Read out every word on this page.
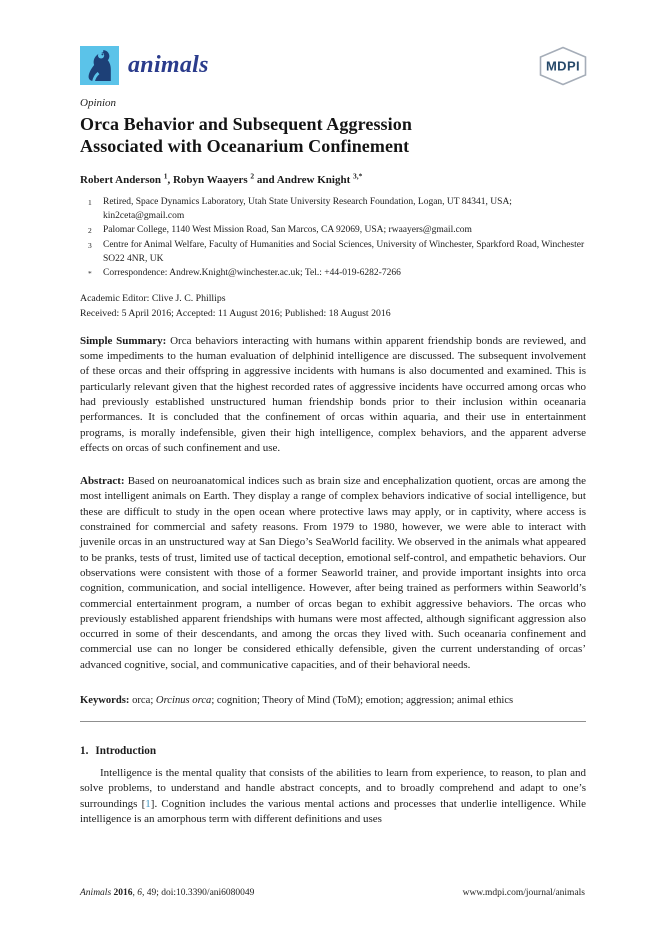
animals	MDPI
Opinion
Orca Behavior and Subsequent Aggression
Associated with Oceanarium Confinement
Robert Anderson $^1$, Robyn Waayers $^2$ and Andrew Knight $^{3,*}$
1	Retired, Space Dynamics Laboratory, Utah State University Research Foundation, Logan, UT 84341, USA; kin2ceta@gmail.com
2	Palomar College, 1140 West Mission Road, San Marcos, CA 92069, USA; rwaayers@gmail.com
3	Centre for Animal Welfare, Faculty of Humanities and Social Sciences, University of Winchester, Sparkford Road, Winchester SO22 4NR, UK
*	Correspondence: Andrew.Knight@winchester.ac.uk; Tel.: +44-019-6282-7266
Academic Editor: Clive J. C. Phillips
Received: 5 April 2016; Accepted: 11 August 2016; Published: 18 August 2016
Simple Summary: Orca behaviors interacting with humans within apparent friendship bonds are reviewed, and some impediments to the human evaluation of delphinid intelligence are discussed. The subsequent involvement of these orcas and their offspring in aggressive incidents with humans is also documented and examined. This is particularly relevant given that the highest recorded rates of aggressive incidents have occurred among orcas who had previously established unstructured human friendship bonds prior to their inclusion within oceanaria performances. It is concluded that the confinement of orcas within aquaria, and their use in entertainment programs, is morally indefensible, given their high intelligence, complex behaviors, and the apparent adverse effects on orcas of such confinement and use.
Abstract: Based on neuroanatomical indices such as brain size and encephalization quotient, orcas are among the most intelligent animals on Earth. They display a range of complex behaviors indicative of social intelligence, but these are difficult to study in the open ocean where protective laws may apply, or in captivity, where access is constrained for commercial and safety reasons. From 1979 to 1980, however, we were able to interact with juvenile orcas in an unstructured way at San Diego’s SeaWorld facility. We observed in the animals what appeared to be pranks, tests of trust, limited use of tactical deception, emotional self-control, and empathetic behaviors. Our observations were consistent with those of a former Seaworld trainer, and provide important insights into orca cognition, communication, and social intelligence. However, after being trained as performers within Seaworld’s commercial entertainment program, a number of orcas began to exhibit aggressive behaviors. The orcas who previously established apparent friendships with humans were most affected, although significant aggression also occurred in some of their descendants, and among the orcas they lived with. Such oceanaria confinement and commercial use can no longer be considered ethically defensible, given the current understanding of orcas’ advanced cognitive, social, and communicative capacities, and of their behavioral needs.
Keywords: orca; Orcinus orca; cognition; Theory of Mind (ToM); emotion; aggression; animal ethics
1. Introduction
Intelligence is the mental quality that consists of the abilities to learn from experience, to reason, to plan and solve problems, to understand and handle abstract concepts, and to broadly comprehend and adapt to one’s surroundings [1]. Cognition includes the various mental actions and processes that underlie intelligence. While intelligence is an amorphous term with different definitions and uses
Animals 2016, 6, 49; doi:10.3390/ani6080049	www.mdpi.com/journal/animals
